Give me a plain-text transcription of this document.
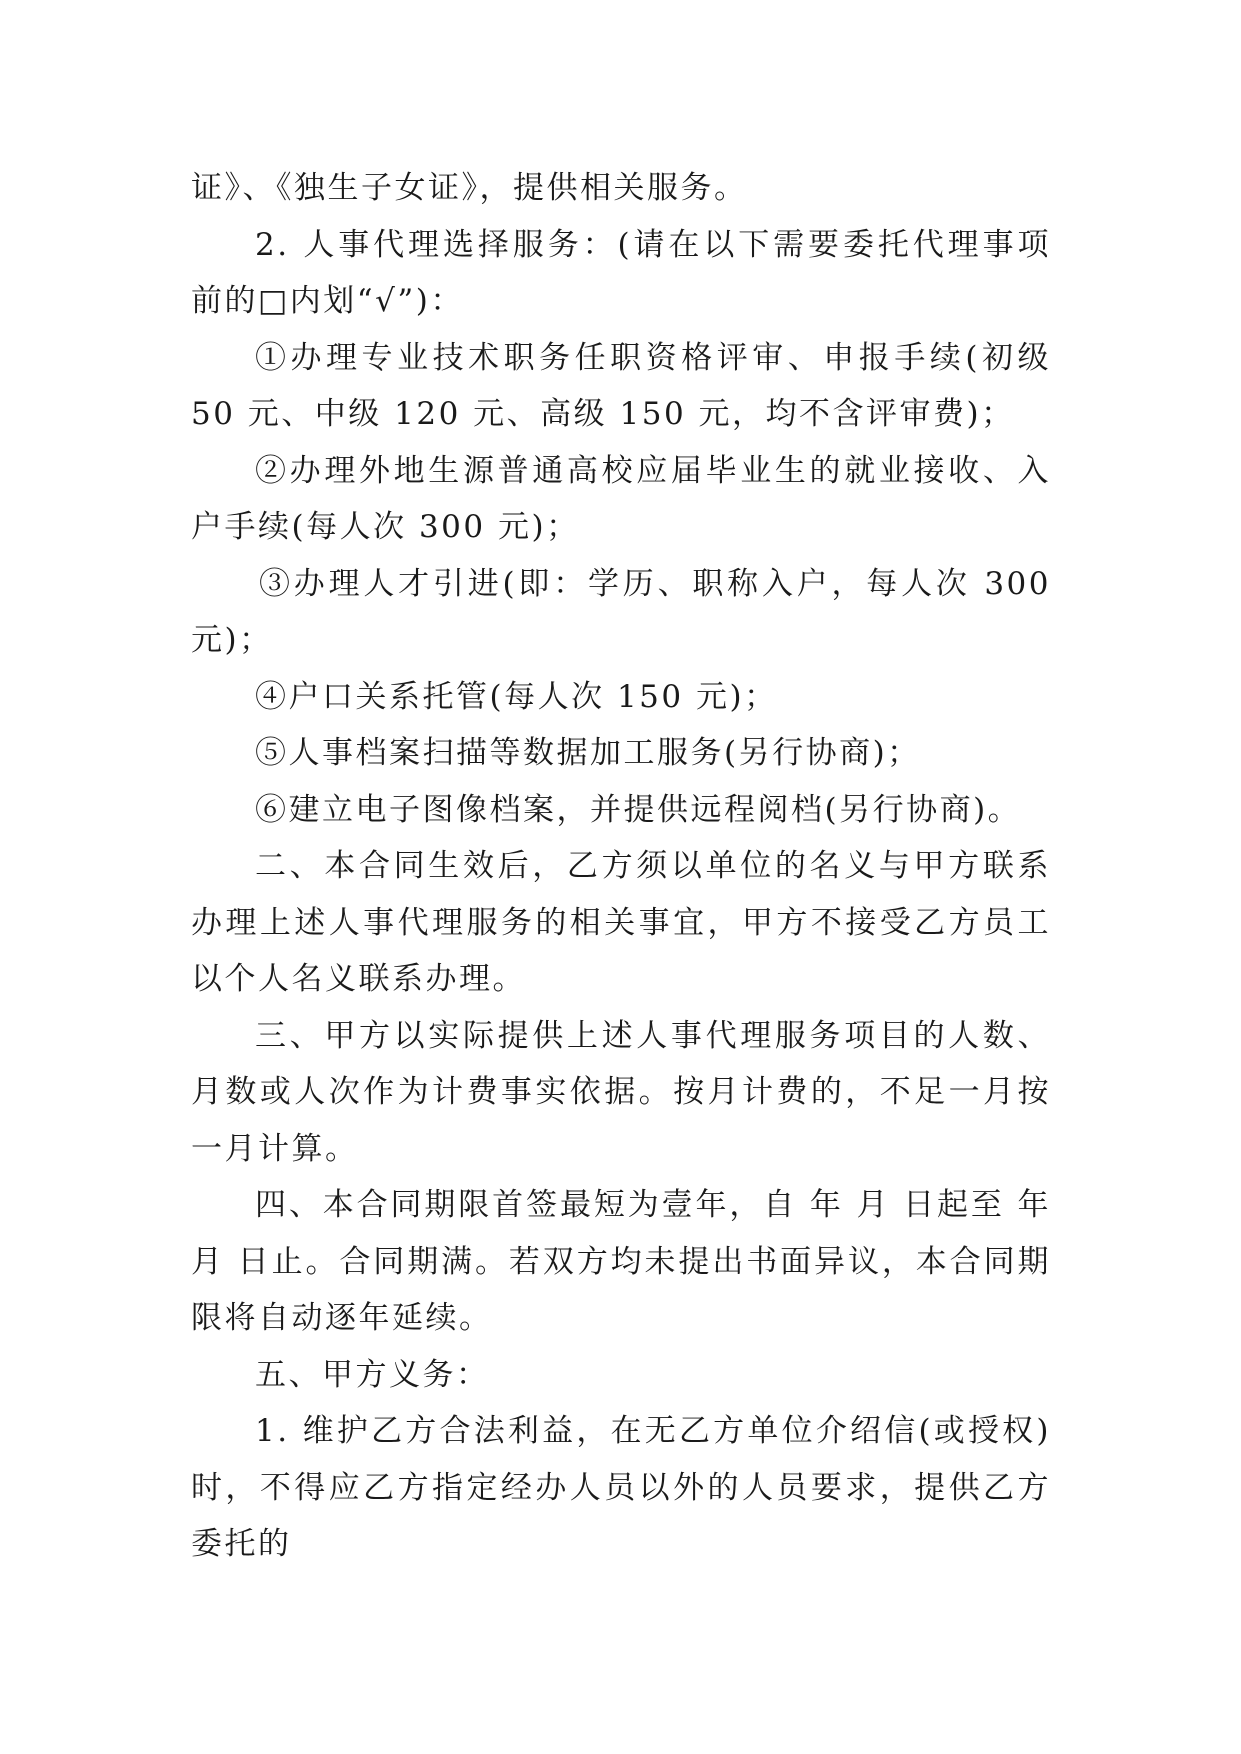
证》、《独生子女证》，提供相关服务。

2. 人事代理选择服务：(请在以下需要委托代理事项前的□内划“√”)：

①办理专业技术职务任职资格评审、申报手续(初级 50 元、中级 120 元、高级 150 元，均不含评审费)；

②办理外地生源普通高校应届毕业生的就业接收、入户手续(每人次 300 元)；

③办理人才引进(即：学历、职称入户，每人次 300 元)；

④户口关系托管(每人次 150 元)；

⑤人事档案扫描等数据加工服务(另行协商)；

⑥建立电子图像档案，并提供远程阅档(另行协商)。

二、本合同生效后，乙方须以单位的名义与甲方联系办理上述人事代理服务的相关事宜，甲方不接受乙方员工以个人名义联系办理。

三、甲方以实际提供上述人事代理服务项目的人数、月数或人次作为计费事实依据。按月计费的，不足一月按一月计算。

四、本合同期限首签最短为壹年，自 年 月 日起至 年 月 日止。合同期满。若双方均未提出书面异议，本合同期限将自动逐年延续。

五、甲方义务：

1. 维护乙方合法利益，在无乙方单位介绍信(或授权)时，不得应乙方指定经办人员以外的人员要求，提供乙方委托的
